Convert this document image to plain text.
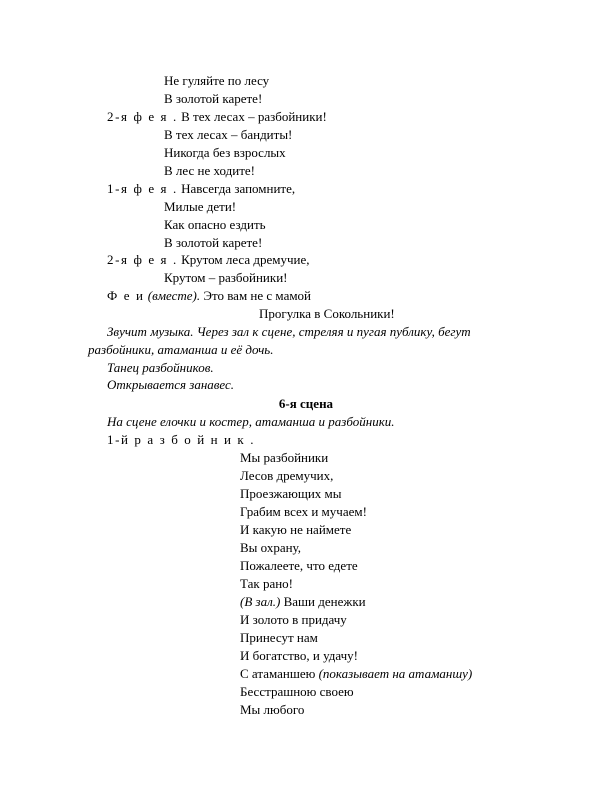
Не гуляйте по лесу
В золотой карете!
2-я ф е я . В тех лесах – разбойники!
В тех лесах – бандиты!
Никогда без взрослых
В лес не ходите!
1-я ф е я . Навсегда запомните,
Милые дети!
Как опасно ездить
В золотой карете!
2-я ф е я . Крутом леса дремучие,
Крутом – разбойники!
Ф е и (вместе). Это вам не с мамой
Прогулка в Сокольники!
Звучит музыка. Через зал к сцене, стреляя и пугая публику, бегут
разбойники, атаманша и её дочь.
Танец разбойников.
Открывается занавес.
6-я сцена
На сцене елочки и костер, атаманша и разбойники.
1-й р а з б о й н и к .
Мы разбойники
Лесов дремучих,
Проезжающих мы
Грабим всех и мучаем!
И какую не наймете
Вы охрану,
Пожалеете, что едете
Так рано!
(В зал.) Ваши денежки
И золото в придачу
Принесут нам
И богатство, и удачу!
С атаманшею (показывает на атаманшу)
Бесстрашною своею
Мы любого
